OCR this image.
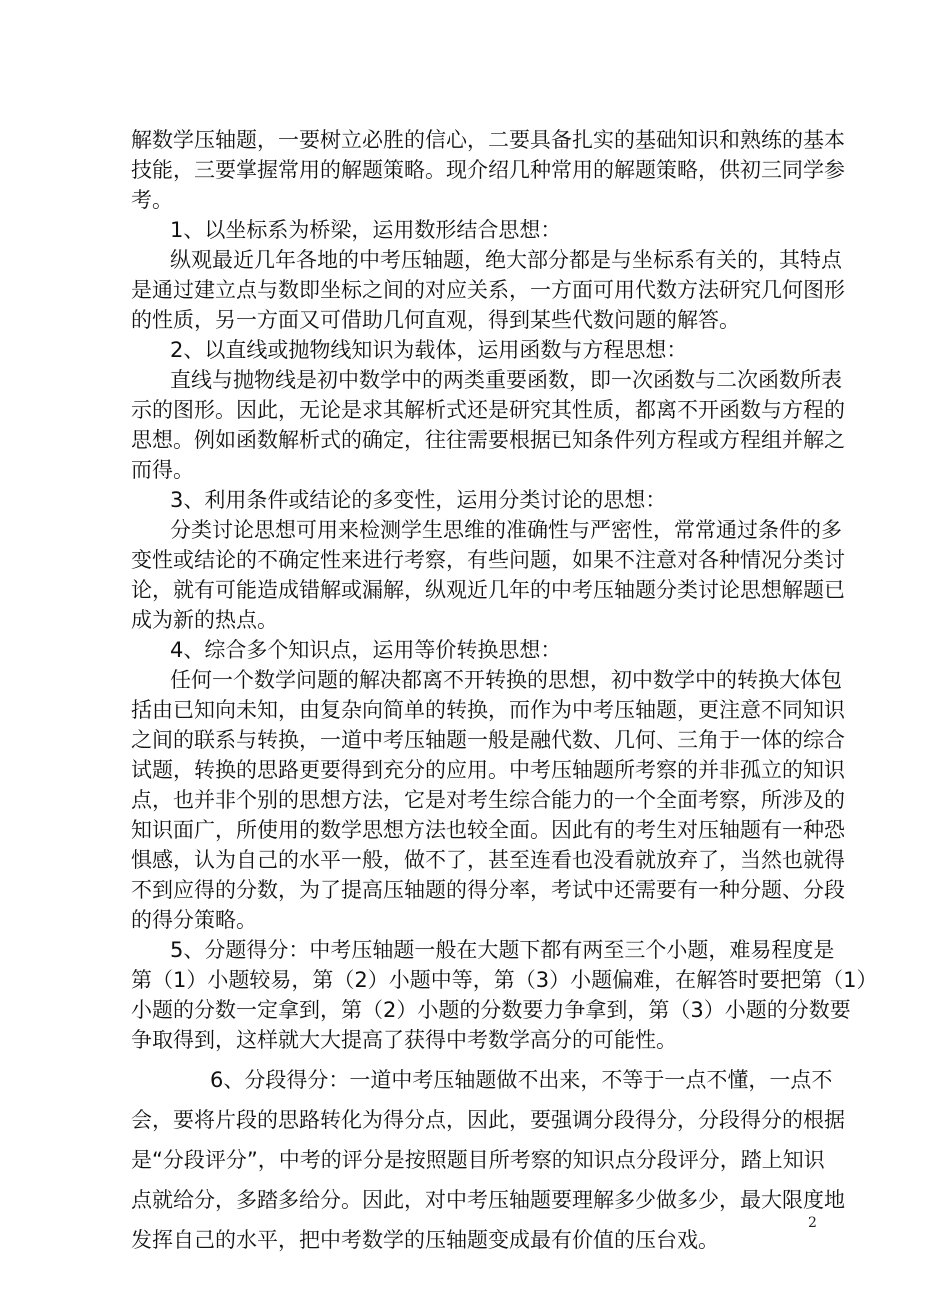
解数学压轴题，一要树立必胜的信心，二要具备扎实的基础知识和熟练的基本
技能，三要掌握常用的解题策略。现介绍几种常用的解题策略，供初三同学参
考。
1、以坐标系为桥梁，运用数形结合思想：
纵观最近几年各地的中考压轴题，绝大部分都是与坐标系有关的，其特点
是通过建立点与数即坐标之间的对应关系，一方面可用代数方法研究几何图形
的性质，另一方面又可借助几何直观，得到某些代数问题的解答。
2、以直线或抛物线知识为载体，运用函数与方程思想：
直线与抛物线是初中数学中的两类重要函数，即一次函数与二次函数所表
示的图形。因此，无论是求其解析式还是研究其性质，都离不开函数与方程的
思想。例如函数解析式的确定，往往需要根据已知条件列方程或方程组并解之
而得。
3、利用条件或结论的多变性，运用分类讨论的思想：
分类讨论思想可用来检测学生思维的准确性与严密性，常常通过条件的多
变性或结论的不确定性来进行考察，有些问题，如果不注意对各种情况分类讨
论，就有可能造成错解或漏解，纵观近几年的中考压轴题分类讨论思想解题已
成为新的热点。
4、综合多个知识点，运用等价转换思想：
任何一个数学问题的解决都离不开转换的思想，初中数学中的转换大体包
括由已知向未知，由复杂向简单的转换，而作为中考压轴题，更注意不同知识
之间的联系与转换，一道中考压轴题一般是融代数、几何、三角于一体的综合
试题，转换的思路更要得到充分的应用。中考压轴题所考察的并非孤立的知识
点，也并非个别的思想方法，它是对考生综合能力的一个全面考察，所涉及的
知识面广，所使用的数学思想方法也较全面。因此有的考生对压轴题有一种恐
惧感，认为自己的水平一般，做不了，甚至连看也没看就放弃了，当然也就得
不到应得的分数，为了提高压轴题的得分率，考试中还需要有一种分题、分段
的得分策略。
5、分题得分：中考压轴题一般在大题下都有两至三个小题，难易程度是
第（1）小题较易，第（2）小题中等，第（3）小题偏难，在解答时要把第（1）
小题的分数一定拿到，第（2）小题的分数要力争拿到，第（3）小题的分数要
争取得到，这样就大大提高了获得中考数学高分的可能性。
6、分段得分：一道中考压轴题做不出来，不等于一点不懂，一点不
会，要将片段的思路转化为得分点，因此，要强调分段得分，分段得分的根据
是“分段评分”，中考的评分是按照题目所考察的知识点分段评分，踏上知识
点就给分，多踏多给分。因此，对中考压轴题要理解多少做多少，最大限度地
发挥自己的水平，把中考数学的压轴题变成最有价值的压台戏。
2
